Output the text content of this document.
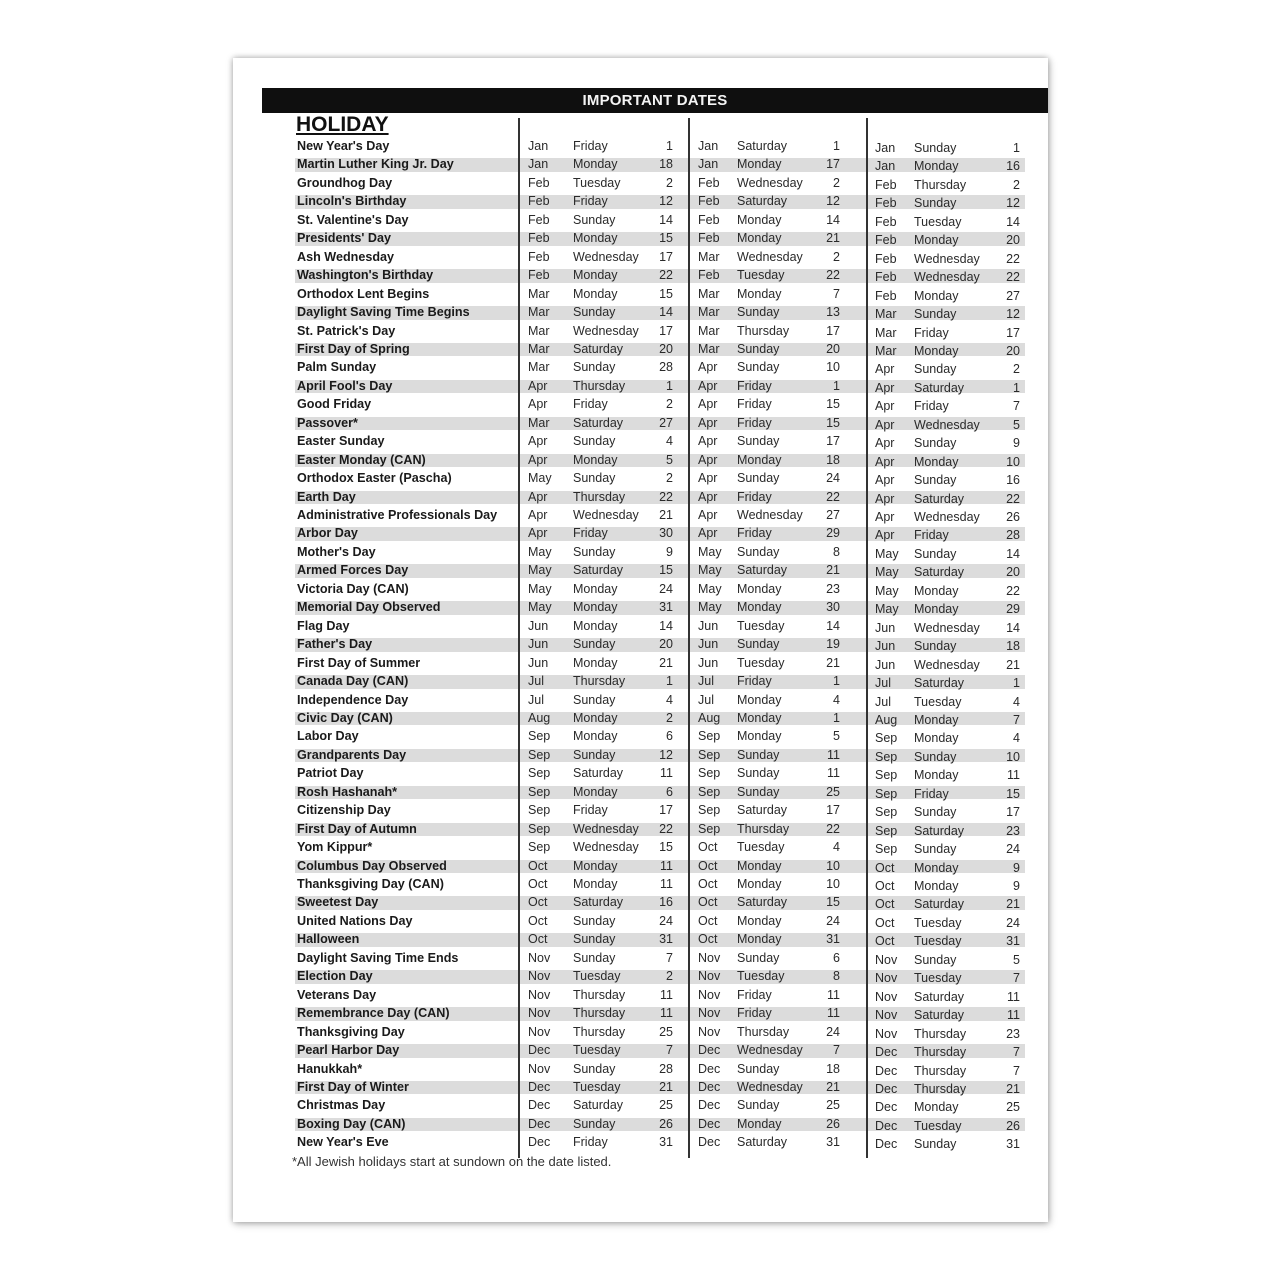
IMPORTANT DATES
HOLIDAY
New Year's Day	Jan Friday	1 Jan Saturday	1	Jan Sunday	1
Martin Luther King Jr. Day	Jan Monday	18 Jan Monday	17	Jan Monday	16
Groundhog Day	Feb Tuesday	2 Feb Wednesday	2	Feb Thursday	2
Lincoln's Birthday	Feb Friday	12 Feb Saturday	12	Feb Sunday	12
St. Valentine's Day	Feb Sunday	14 Feb Monday	14	Feb Tuesday	14
Presidents' Day	Feb Monday	15 Feb Monday	21	Feb Monday	20
Ash Wednesday	Feb Wednesday	17 Mar Wednesday	2	Feb Wednesday	22
Washington's Birthday	Feb Monday	22 Feb Tuesday	22	Feb Wednesday	22
Orthodox Lent Begins	Mar Monday	15 Mar Monday	7	Feb Monday	27
Daylight Saving Time Begins	Mar Sunday	14 Mar Sunday	13	Mar Sunday	12
St. Patrick's Day	Mar Wednesday	17 Mar Thursday	17	Mar Friday	17
First Day of Spring	Mar Saturday	20 Mar Sunday	20	Mar Monday	20
Palm Sunday	Mar Sunday	28 Apr Sunday	10	Apr Sunday	2
April Fool's Day	Apr Thursday	1 Apr Friday	1	Apr Saturday	1
Good Friday	Apr Friday	2 Apr Friday	15	Apr Friday	7
Passover*	Mar Saturday	27 Apr Friday	15	Apr Wednesday	5
Easter Sunday	Apr Sunday	4 Apr Sunday	17	Apr Sunday	9
Easter Monday (CAN)	Apr Monday	5 Apr Monday	18	Apr Monday	10
Orthodox Easter (Pascha)	May Sunday	2 Apr Sunday	24	Apr Sunday	16
Earth Day	Apr Thursday	22 Apr Friday	22	Apr Saturday	22
Administrative Professionals Day Apr Wednesday	21 Apr Wednesday	27	Apr Wednesday	26
Arbor Day	Apr Friday	30 Apr Friday	29	Apr Friday	28
Mother's Day	May Sunday	9 May Sunday	8	May Sunday	14
Armed Forces Day	May Saturday	15 May Saturday	21	May Saturday	20
Victoria Day (CAN)	May Monday	24 May Monday	23	May Monday	22
Memorial Day Observed	May Monday	31 May Monday	30	May Monday	29
Flag Day	Jun Monday	14 Jun Tuesday	14	Jun Wednesday	14
Father's Day	Jun Sunday	20 Jun Sunday	19	Jun Sunday	18
First Day of Summer	Jun Monday	21 Jun Tuesday	21	Jun Wednesday	21
Canada Day (CAN)	Jul Thursday	1 Jul Friday	1	Jul Saturday	1
Independence Day	Jul Sunday	4 Jul Monday	4	Jul Tuesday	4
Civic Day (CAN)	Aug Monday	2 Aug Monday	1	Aug Monday	7
Labor Day	Sep Monday	6 Sep Monday	5	Sep Monday	4
Grandparents Day	Sep Sunday	12 Sep Sunday	11	Sep Sunday	10
Patriot Day	Sep Saturday	11 Sep Sunday	11	Sep Monday	11
Rosh Hashanah*	Sep Monday	6 Sep Sunday	25	Sep Friday	15
Citizenship Day	Sep Friday	17 Sep Saturday	17	Sep Sunday	17
First Day of Autumn	Sep Wednesday	22 Sep Thursday	22	Sep Saturday	23
Yom Kippur*	Sep Wednesday	15 Oct Tuesday	4	Sep Sunday	24
Columbus Day Observed	Oct Monday	11 Oct Monday	10	Oct Monday	9
Thanksgiving Day (CAN)	Oct Monday	11 Oct Monday	10	Oct Monday	9
Sweetest Day	Oct Saturday	16 Oct Saturday	15	Oct Saturday	21
United Nations Day	Oct Sunday	24 Oct Monday	24	Oct Tuesday	24
Halloween	Oct Sunday	31 Oct Monday	31	Oct Tuesday	31
Daylight Saving Time Ends	Nov Sunday	7 Nov Sunday	6	Nov Sunday	5
Election Day	Nov Tuesday	2 Nov Tuesday	8	Nov Tuesday	7
Veterans Day	Nov Thursday	11 Nov Friday	11	Nov Saturday	11
Remembrance Day (CAN)	Nov Thursday	11 Nov Friday	11	Nov Saturday	11
Thanksgiving Day	Nov Thursday	25 Nov Thursday	24	Nov Thursday	23
Pearl Harbor Day	Dec Tuesday	7 Dec Wednesday	7	Dec Thursday	7
Hanukkah*	Nov Sunday	28 Dec Sunday	18	Dec Thursday	7
First Day of Winter	Dec Tuesday	21 Dec Wednesday	21	Dec Thursday	21
Christmas Day	Dec Saturday	25 Dec Sunday	25	Dec Monday	25
Boxing Day (CAN)	Dec Sunday	26 Dec Monday	26	Dec Tuesday	26
New Year's Eve	Dec Friday	31 Dec Saturday	31	Dec Sunday	31
*All Jewish holidays start at sundown on the date listed.
